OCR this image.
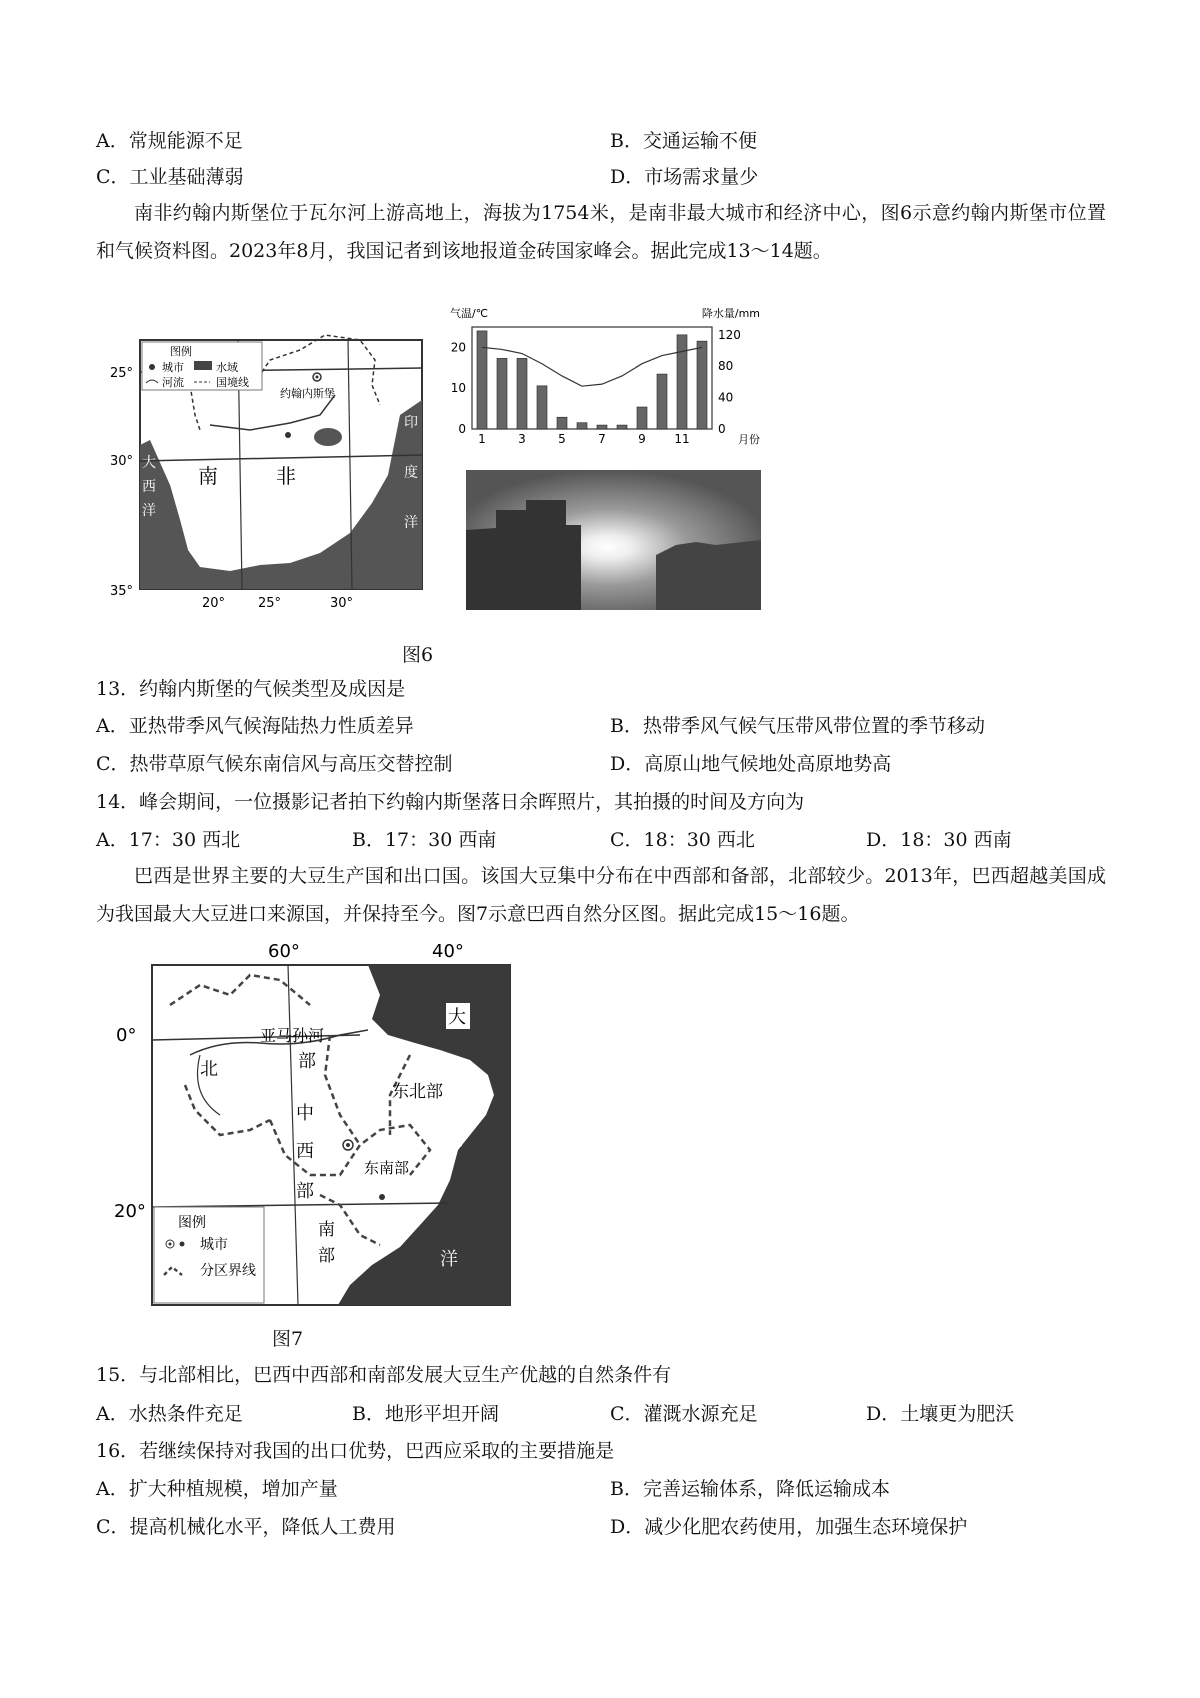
A．常规能源不足	B．交通运输不便
C．工业基础薄弱	D．市场需求量少
南非约翰内斯堡位于瓦尔河上游高地上，海拔为1754米，是南非最大城市和经济中心，图6示意约翰内斯堡市位置和气候资料图。2023年8月，我国记者到该地报道金砖国家峰会。据此完成13～14题。
图例
城市	水域
河流	国境线
约翰内斯堡
南	非
大
西
洋
印
度
洋
25°
30°
35°
20°	25°	30°
气温/℃	降水量/mm
0
10
20
0
40
80
120
1	3	5	7	9 11	月份
图6
13．约翰内斯堡的气候类型及成因是
A．亚热带季风气候海陆热力性质差异	B．热带季风气候气压带风带位置的季节移动
C．热带草原气候东南信风与高压交替控制	D．高原山地气候地处高原地势高
14．峰会期间，一位摄影记者拍下约翰内斯堡落日余晖照片，其拍摄的时间及方向为
A．17：30 西北	B．17：30 西南	C．18：30 西北	D．18：30 西南
巴西是世界主要的大豆生产国和出口国。该国大豆集中分布在中西部和备部，北部较少。2013年，巴西超越美国成为我国最大大豆进口来源国，并保持至今。图7示意巴西自然分区图。据此完成15～16题。
60°	40°
0°
20°
亚马孙河
北	部
东北部
中
西
部
东南部
南
部
大
西
洋
图例
城市
分区界线
图7
15．与北部相比，巴西中西部和南部发展大豆生产优越的自然条件有
A．水热条件充足	B．地形平坦开阔	C．灌溉水源充足	D．土壤更为肥沃
16．若继续保持对我国的出口优势，巴西应采取的主要措施是
A．扩大种植规模，增加产量	B．完善运输体系，降低运输成本
C．提高机械化水平，降低人工费用	D．减少化肥农药使用，加强生态环境保护
